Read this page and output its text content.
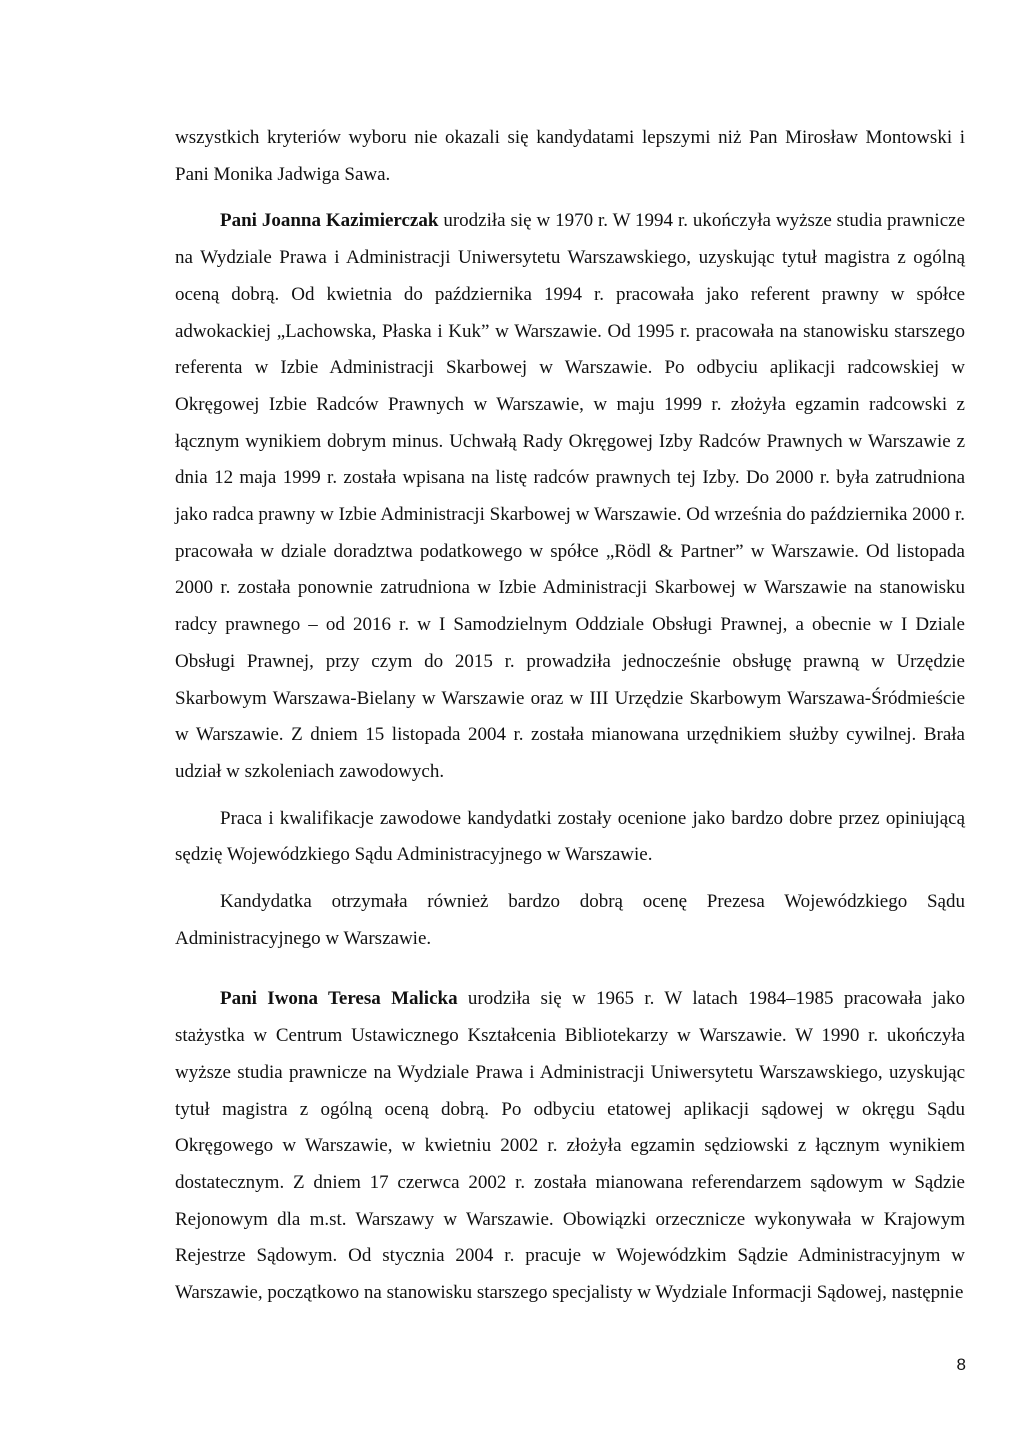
wszystkich kryteriów wyboru nie okazali się kandydatami lepszymi niż Pan Mirosław Montowski i Pani Monika Jadwiga Sawa.

Pani Joanna Kazimierczak urodziła się w 1970 r. W 1994 r. ukończyła wyższe studia prawnicze na Wydziale Prawa i Administracji Uniwersytetu Warszawskiego, uzyskując tytuł magistra z ogólną oceną dobrą. Od kwietnia do października 1994 r. pracowała jako referent prawny w spółce adwokackiej „Lachowska, Płaska i Kuk” w Warszawie. Od 1995 r. pracowała na stanowisku starszego referenta w Izbie Administracji Skarbowej w Warszawie. Po odbyciu aplikacji radcowskiej w Okręgowej Izbie Radców Prawnych w Warszawie, w maju 1999 r. złożyła egzamin radcowski z łącznym wynikiem dobrym minus. Uchwałą Rady Okręgowej Izby Radców Prawnych w Warszawie z dnia 12 maja 1999 r. została wpisana na listę radców prawnych tej Izby. Do 2000 r. była zatrudniona jako radca prawny w Izbie Administracji Skarbowej w Warszawie. Od września do października 2000 r. pracowała w dziale doradztwa podatkowego w spółce „Rödl & Partner” w Warszawie. Od listopada 2000 r. została ponownie zatrudniona w Izbie Administracji Skarbowej w Warszawie na stanowisku radcy prawnego – od 2016 r. w I Samodzielnym Oddziale Obsługi Prawnej, a obecnie w I Dziale Obsługi Prawnej, przy czym do 2015 r. prowadziła jednocześnie obsługę prawną w Urzędzie Skarbowym Warszawa-Bielany w Warszawie oraz w III Urzędzie Skarbowym Warszawa-Śródmieście w Warszawie. Z dniem 15 listopada 2004 r. została mianowana urzędnikiem służby cywilnej. Brała udział w szkoleniach zawodowych.

Praca i kwalifikacje zawodowe kandydatki zostały ocenione jako bardzo dobre przez opiniującą sędzię Wojewódzkiego Sądu Administracyjnego w Warszawie.

Kandydatka otrzymała również bardzo dobrą ocenę Prezesa Wojewódzkiego Sądu Administracyjnego w Warszawie.

Pani Iwona Teresa Malicka urodziła się w 1965 r. W latach 1984–1985 pracowała jako stażystka w Centrum Ustawicznego Kształcenia Bibliotekarzy w Warszawie. W 1990 r. ukończyła wyższe studia prawnicze na Wydziale Prawa i Administracji Uniwersytetu Warszawskiego, uzyskując tytuł magistra z ogólną oceną dobrą. Po odbyciu etatowej aplikacji sądowej w okręgu Sądu Okręgowego w Warszawie, w kwietniu 2002 r. złożyła egzamin sędziowski z łącznym wynikiem dostatecznym. Z dniem 17 czerwca 2002 r. została mianowana referendarzem sądowym w Sądzie Rejonowym dla m.st. Warszawy w Warszawie. Obowiązki orzecznicze wykonywała w Krajowym Rejestrze Sądowym. Od stycznia 2004 r. pracuje w Wojewódzkim Sądzie Administracyjnym w Warszawie, początkowo na stanowisku starszego specjalisty w Wydziale Informacji Sądowej, następnie

8
